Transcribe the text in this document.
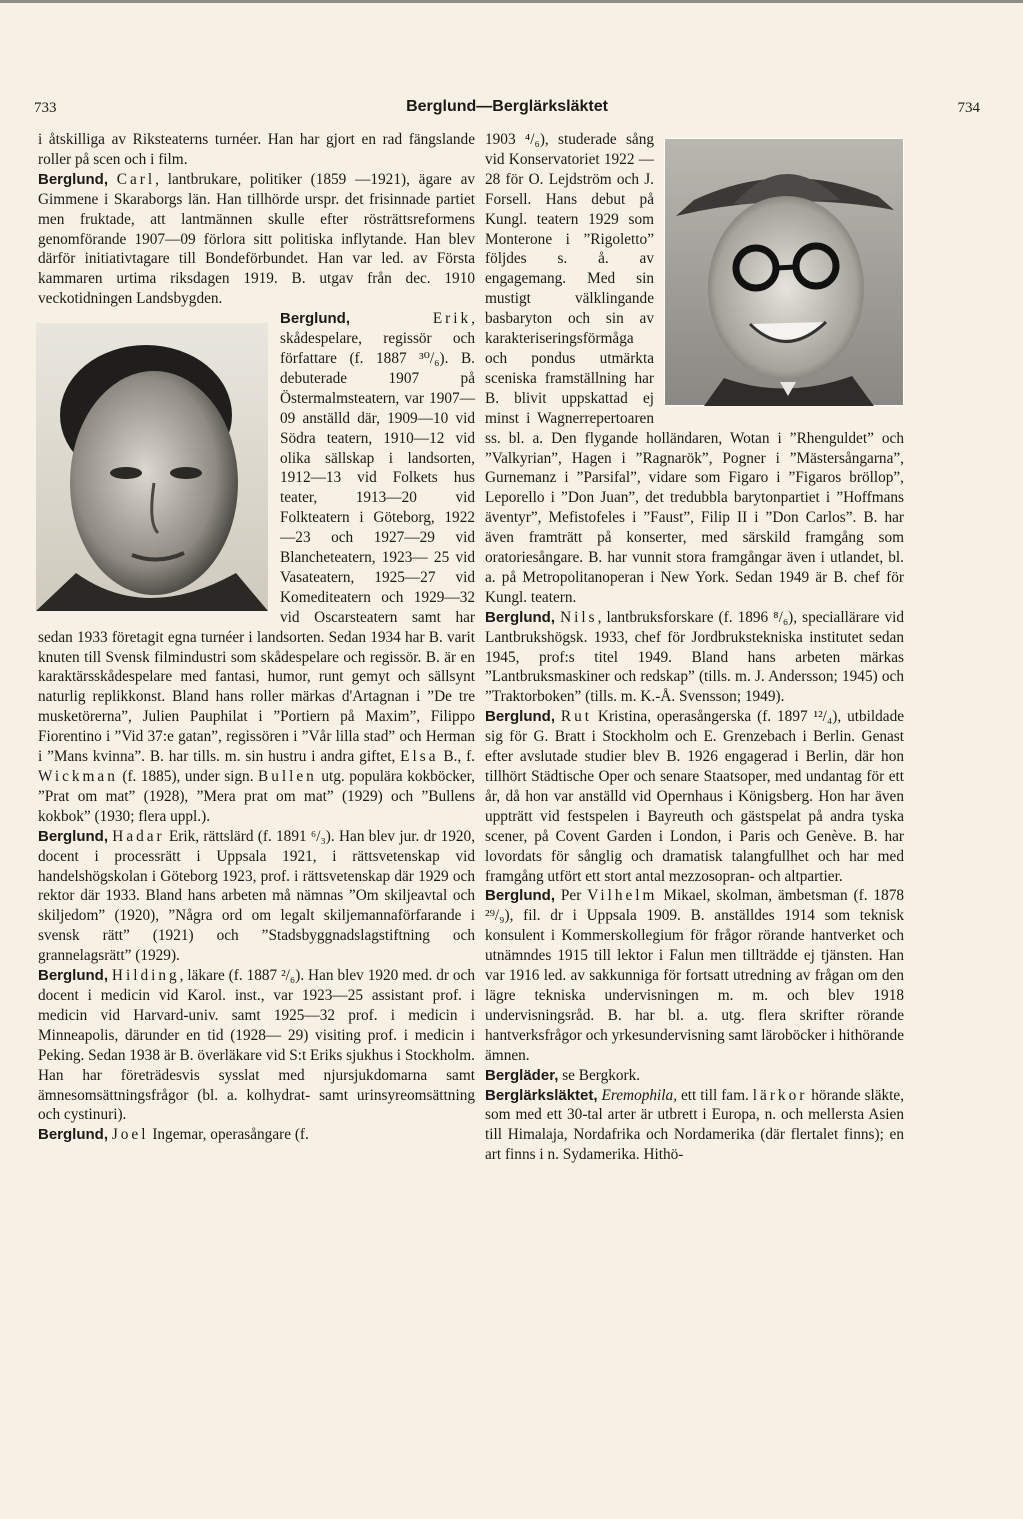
733	Berglund—Berglärksläktet	734

i åtskilliga av Riksteaterns turnéer. Han har gjort en rad fängslande roller på scen och i film.

Berglund, Carl, lantbrukare, politiker (1859 —1921), ägare av Gimmene i Skaraborgs län. Han tillhörde urspr. det frisinnade partiet men fruktade, att lantmännen skulle efter rösträttsreformens genomförande 1907—09 förlora sitt politiska inflytande. Han blev därför initiativtagare till Bondeförbundet. Han var led. av Första kammaren urtima riksdagen 1919. B. utgav från dec. 1910 veckotidningen Landsbygden.

Berglund,	Erik
, skådespelare, regissör och författare (f. 1887 ³⁰/₆). B. debuterade 1907 på Östermalmsteatern, var 1907—09 anställd där, 1909—10 vid Södra teatern, 1910—12 vid olika sällskap i landsorten, 1912—13 vid Folkets hus teater, 1913—20 vid Folkteatern i Göteborg, 1922 —23 och 1927—29 vid Blancheteatern, 1923— 25 vid Vasateatern, 1925—27 vid Komediteatern och 1929—32 vid Oscarsteatern samt har sedan 1933 företagit egna turnéer i landsorten. Sedan 1934 har B. varit knuten till Svensk filmindustri som skådespelare och regissör. B. är en karaktärsskådespelare med fantasi, humor, runt gemyt och sällsynt naturlig replikkonst. Bland hans roller märkas d'Artagnan i ”De tre musketörerna”, Julien Pauphilat i ”Portiern på Maxim”, Filippo Fiorentino i ”Vid 37:e gatan”, regissören i ”Vår lilla stad” och Herman i ”Mans kvinna”. B. har tills. m. sin hustru i andra giftet, Elsa B., f. Wickman (f. 1885), under sign. Bullen utg. populära kokböcker, ”Prat om mat” (1928), ”Mera prat om mat” (1929) och ”Bullens kokbok” (1930; flera uppl.).

Berglund, Hadar Erik, rättslärd (f. 1891 ⁶/₃). Han blev jur. dr 1920, docent i processrätt i Uppsala 1921, i rättsvetenskap vid handelshögskolan i Göteborg 1923, prof. i rättsvetenskap där 1929 och rektor där 1933. Bland hans arbeten må nämnas ”Om skiljeavtal och skiljedom” (1920), ”Några ord om legalt skiljemannaförfarande i svensk rätt” (1921) och ”Stadsbyggnadslagstiftning och grannelagsrätt” (1929).

Berglund, Hilding, läkare (f. 1887 ²/₆). Han blev 1920 med. dr och docent i medicin vid Karol. inst., var 1923—25 assistant prof. i medicin vid Harvard-univ. samt 1925—32 prof. i medicin i Minneapolis, därunder en tid (1928— 29) visiting prof. i medicin i Peking. Sedan 1938 är B. överläkare vid S:t Eriks sjukhus i Stockholm. Han har företrädesvis sysslat med njursjukdomarna samt ämnesomsättningsfrågor (bl. a. kolhydrat- samt urinsyreomsättning och cystinuri).

Berglund, Joel Ingemar, operasångare (f.

1903 ⁴/₆), studerade sång vid Konservatoriet 1922 —28 för O. Lejdström och J. Forsell. Hans debut på Kungl. teatern 1929 som Monterone i ”Rigoletto” följdes s. å. av engagemang. Med sin mustigt välklingande basbaryton och sin av karakteriseringsförmåga och pondus utmärkta sceniska framställning har B. blivit uppskattad ej minst i Wagnerrepertoaren ss. bl. a. Den flygande holländaren, Wotan i ”Rhenguldet” och ”Valkyrian”, Hagen i ”Ragnarök”, Pogner i ”Mästersångarna”, Gurnemanz i ”Parsifal”, vidare som Figaro i ”Figaros bröllop”, Leporello i ”Don Juan”, det tredubbla barytonpartiet i ”Hoffmans äventyr”, Mefistofeles i ”Faust”, Filip II i ”Don Carlos”. B. har även framträtt på konserter, med särskild framgång som oratoriesångare. B. har vunnit stora framgångar även i utlandet, bl. a. på Metropolitanoperan i New York. Sedan 1949 är B. chef för Kungl. teatern.

Berglund, Nils, lantbruksforskare (f. 1896 ⁸/₆), speciallärare vid Lantbrukshögsk. 1933, chef för Jordbrukstekniska institutet sedan 1945, prof:s titel 1949. Bland hans arbeten märkas ”Lantbruksmaskiner och redskap” (tills. m. J. Andersson; 1945) och ”Traktorboken” (tills. m. K.-Å. Svensson; 1949).

Berglund, Rut Kristina, operasångerska (f. 1897 ¹²/₄), utbildade sig för G. Bratt i Stockholm och E. Grenzebach i Berlin. Genast efter avslutade studier blev B. 1926 engagerad i Berlin, där hon tillhört Städtische Oper och senare Staatsoper, med undantag för ett år, då hon var anställd vid Opernhaus i Königsberg. Hon har även uppträtt vid festspelen i Bayreuth och gästspelat på andra tyska scener, på Covent Garden i London, i Paris och Genève. B. har lovordats för sånglig och dramatisk talangfullhet och har med framgång utfört ett stort antal mezzosopran- och altpartier.

Berglund, Per Vilhelm Mikael, skolman, ämbetsman (f. 1878 ²⁹/₉), fil. dr i Uppsala 1909. B. anställdes 1914 som teknisk konsulent i Kommerskollegium för frågor rörande hantverket och utnämndes 1915 till lektor i Falun men tillträdde ej tjänsten. Han var 1916 led. av sakkunniga för fortsatt utredning av frågan om den lägre tekniska undervisningen m. m. och blev 1918 undervisningsråd. B. har bl. a. utg. flera skrifter rörande hantverksfrågor och yrkesundervisning samt läroböcker i hithörande ämnen.

Bergläder, se Bergkork.

Berglärksläktet, Eremophila, ett till fam. lärkor hörande släkte, som med ett 30-tal arter är utbrett i Europa, n. och mellersta Asien till Himalaja, Nordafrika och Nordamerika (där flertalet finns); en art finns i n. Sydamerika. Hithö-
